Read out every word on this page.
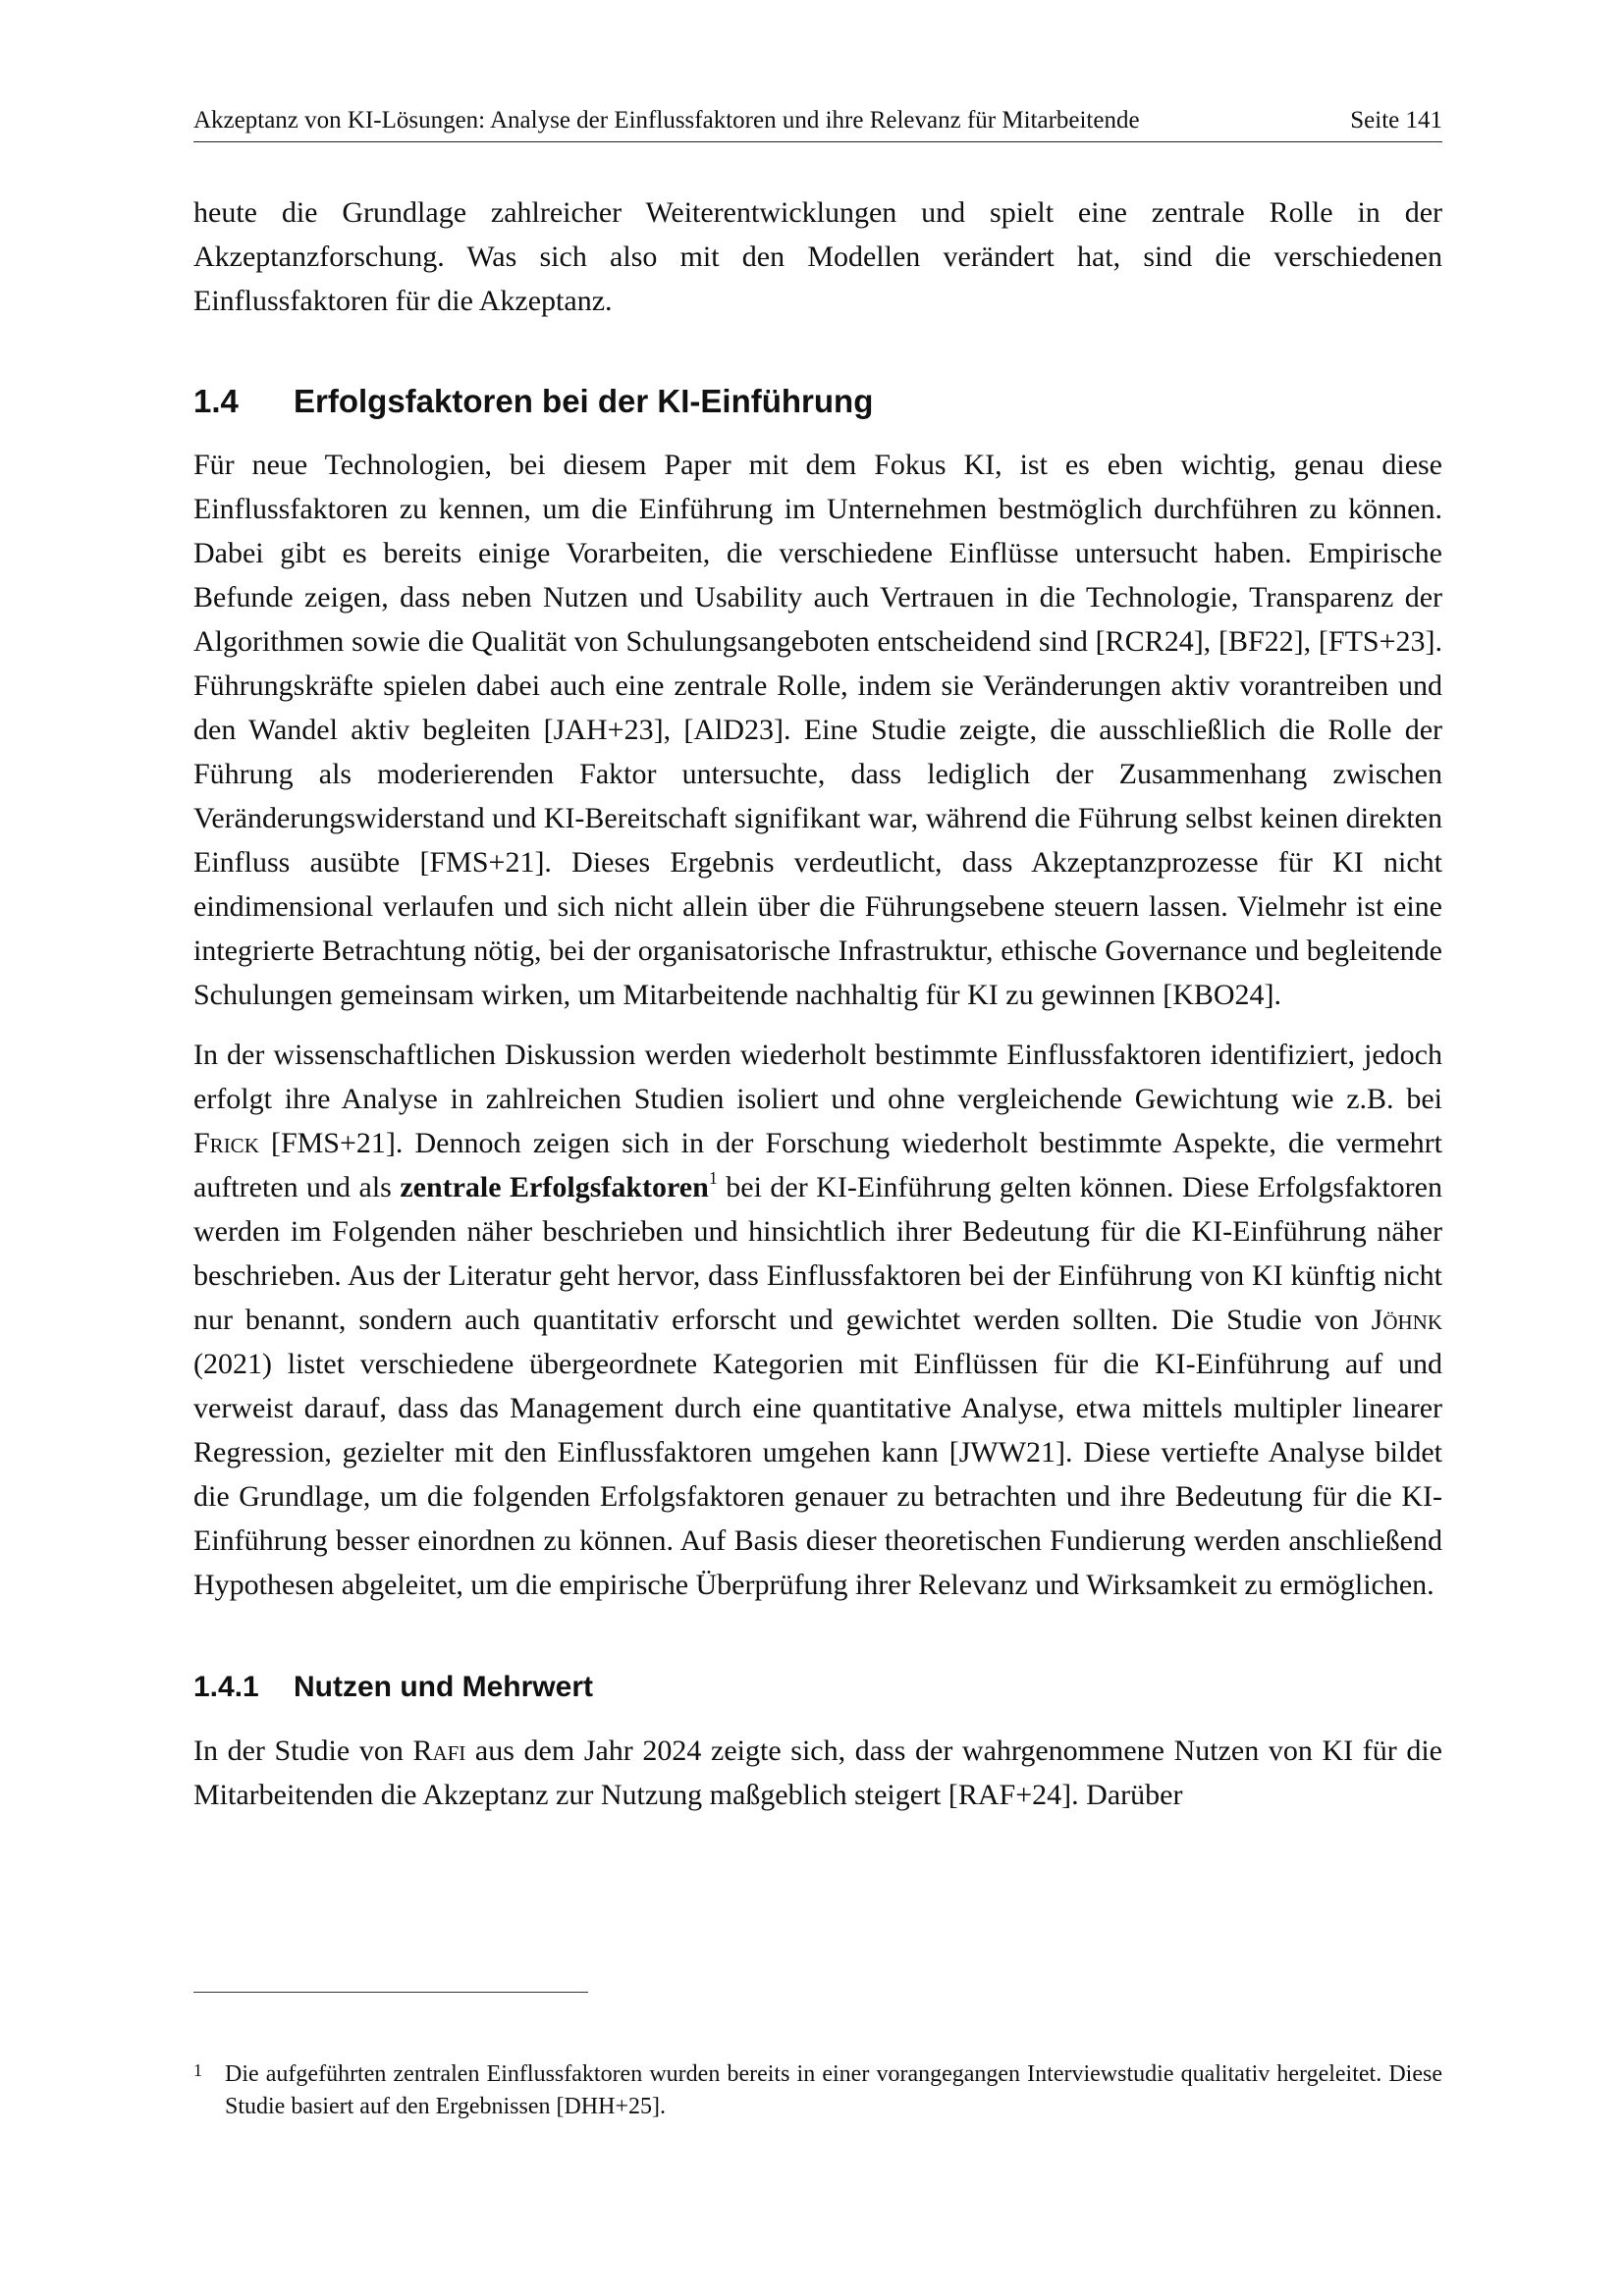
Akzeptanz von KI-Lösungen: Analyse der Einflussfaktoren und ihre Relevanz für Mitarbeitende	Seite 141

heute die Grundlage zahlreicher Weiterentwicklungen und spielt eine zentrale Rolle in der Akzeptanzforschung. Was sich also mit den Modellen verändert hat, sind die verschiedenen Einflussfaktoren für die Akzeptanz.

1.4	Erfolgsfaktoren bei der KI-Einführung

Für neue Technologien, bei diesem Paper mit dem Fokus KI, ist es eben wichtig, genau diese Einflussfaktoren zu kennen, um die Einführung im Unternehmen bestmöglich durchführen zu können. Dabei gibt es bereits einige Vorarbeiten, die verschiedene Einflüsse untersucht haben. Empirische Befunde zeigen, dass neben Nutzen und Usability auch Vertrauen in die Technologie, Transparenz der Algorithmen sowie die Qualität von Schulungsangeboten entscheidend sind [RCR24], [BF22], [FTS+23]. Führungskräfte spielen dabei auch eine zentrale Rolle, indem sie Veränderungen aktiv vorantreiben und den Wandel aktiv begleiten [JAH+23], [AlD23]. Eine Studie zeigte, die ausschließlich die Rolle der Führung als moderierenden Faktor untersuchte, dass lediglich der Zusammenhang zwischen Veränderungswiderstand und KI-Bereitschaft signifikant war, während die Führung selbst keinen direkten Einfluss ausübte [FMS+21]. Dieses Ergebnis verdeutlicht, dass Akzeptanzprozesse für KI nicht eindimensional verlaufen und sich nicht allein über die Führungsebene steuern lassen. Vielmehr ist eine integrierte Betrachtung nötig, bei der organisatorische Infrastruktur, ethische Governance und begleitende Schulungen gemeinsam wirken, um Mitarbeitende nachhaltig für KI zu gewinnen [KBO24].

In der wissenschaftlichen Diskussion werden wiederholt bestimmte Einflussfaktoren identifiziert, jedoch erfolgt ihre Analyse in zahlreichen Studien isoliert und ohne vergleichende Gewichtung wie z.B. bei Frick [FMS+21]. Dennoch zeigen sich in der Forschung wiederholt bestimmte Aspekte, die vermehrt auftreten und als zentrale Erfolgsfaktoren$^1$ bei der KI-Einführung gelten können. Diese Erfolgsfaktoren werden im Folgenden näher beschrieben und hinsichtlich ihrer Bedeutung für die KI-Einführung näher beschrieben. Aus der Literatur geht hervor, dass Einflussfaktoren bei der Einführung von KI künftig nicht nur benannt, sondern auch quantitativ erforscht und gewichtet werden sollten. Die Studie von Jöhnk (2021) listet verschiedene übergeordnete Kategorien mit Einflüssen für die KI-Einführung auf und verweist darauf, dass das Management durch eine quantitative Analyse, etwa mittels multipler linearer Regression, gezielter mit den Einflussfaktoren umgehen kann [JWW21]. Diese vertiefte Analyse bildet die Grundlage, um die folgenden Erfolgsfaktoren genauer zu betrachten und ihre Bedeutung für die KI-Einführung besser einordnen zu können. Auf Basis dieser theoretischen Fundierung werden anschließend Hypothesen abgeleitet, um die empirische Überprüfung ihrer Relevanz und Wirksamkeit zu ermöglichen.

1.4.1	Nutzen und Mehrwert

In der Studie von Rafi aus dem Jahr 2024 zeigte sich, dass der wahrgenommene Nutzen von KI für die Mitarbeitenden die Akzeptanz zur Nutzung maßgeblich steigert [RAF+24]. Darüber

1 Die aufgeführten zentralen Einflussfaktoren wurden bereits in einer vorangegangen Interviewstudie qualitativ hergeleitet. Diese Studie basiert auf den Ergebnissen [DHH+25].
